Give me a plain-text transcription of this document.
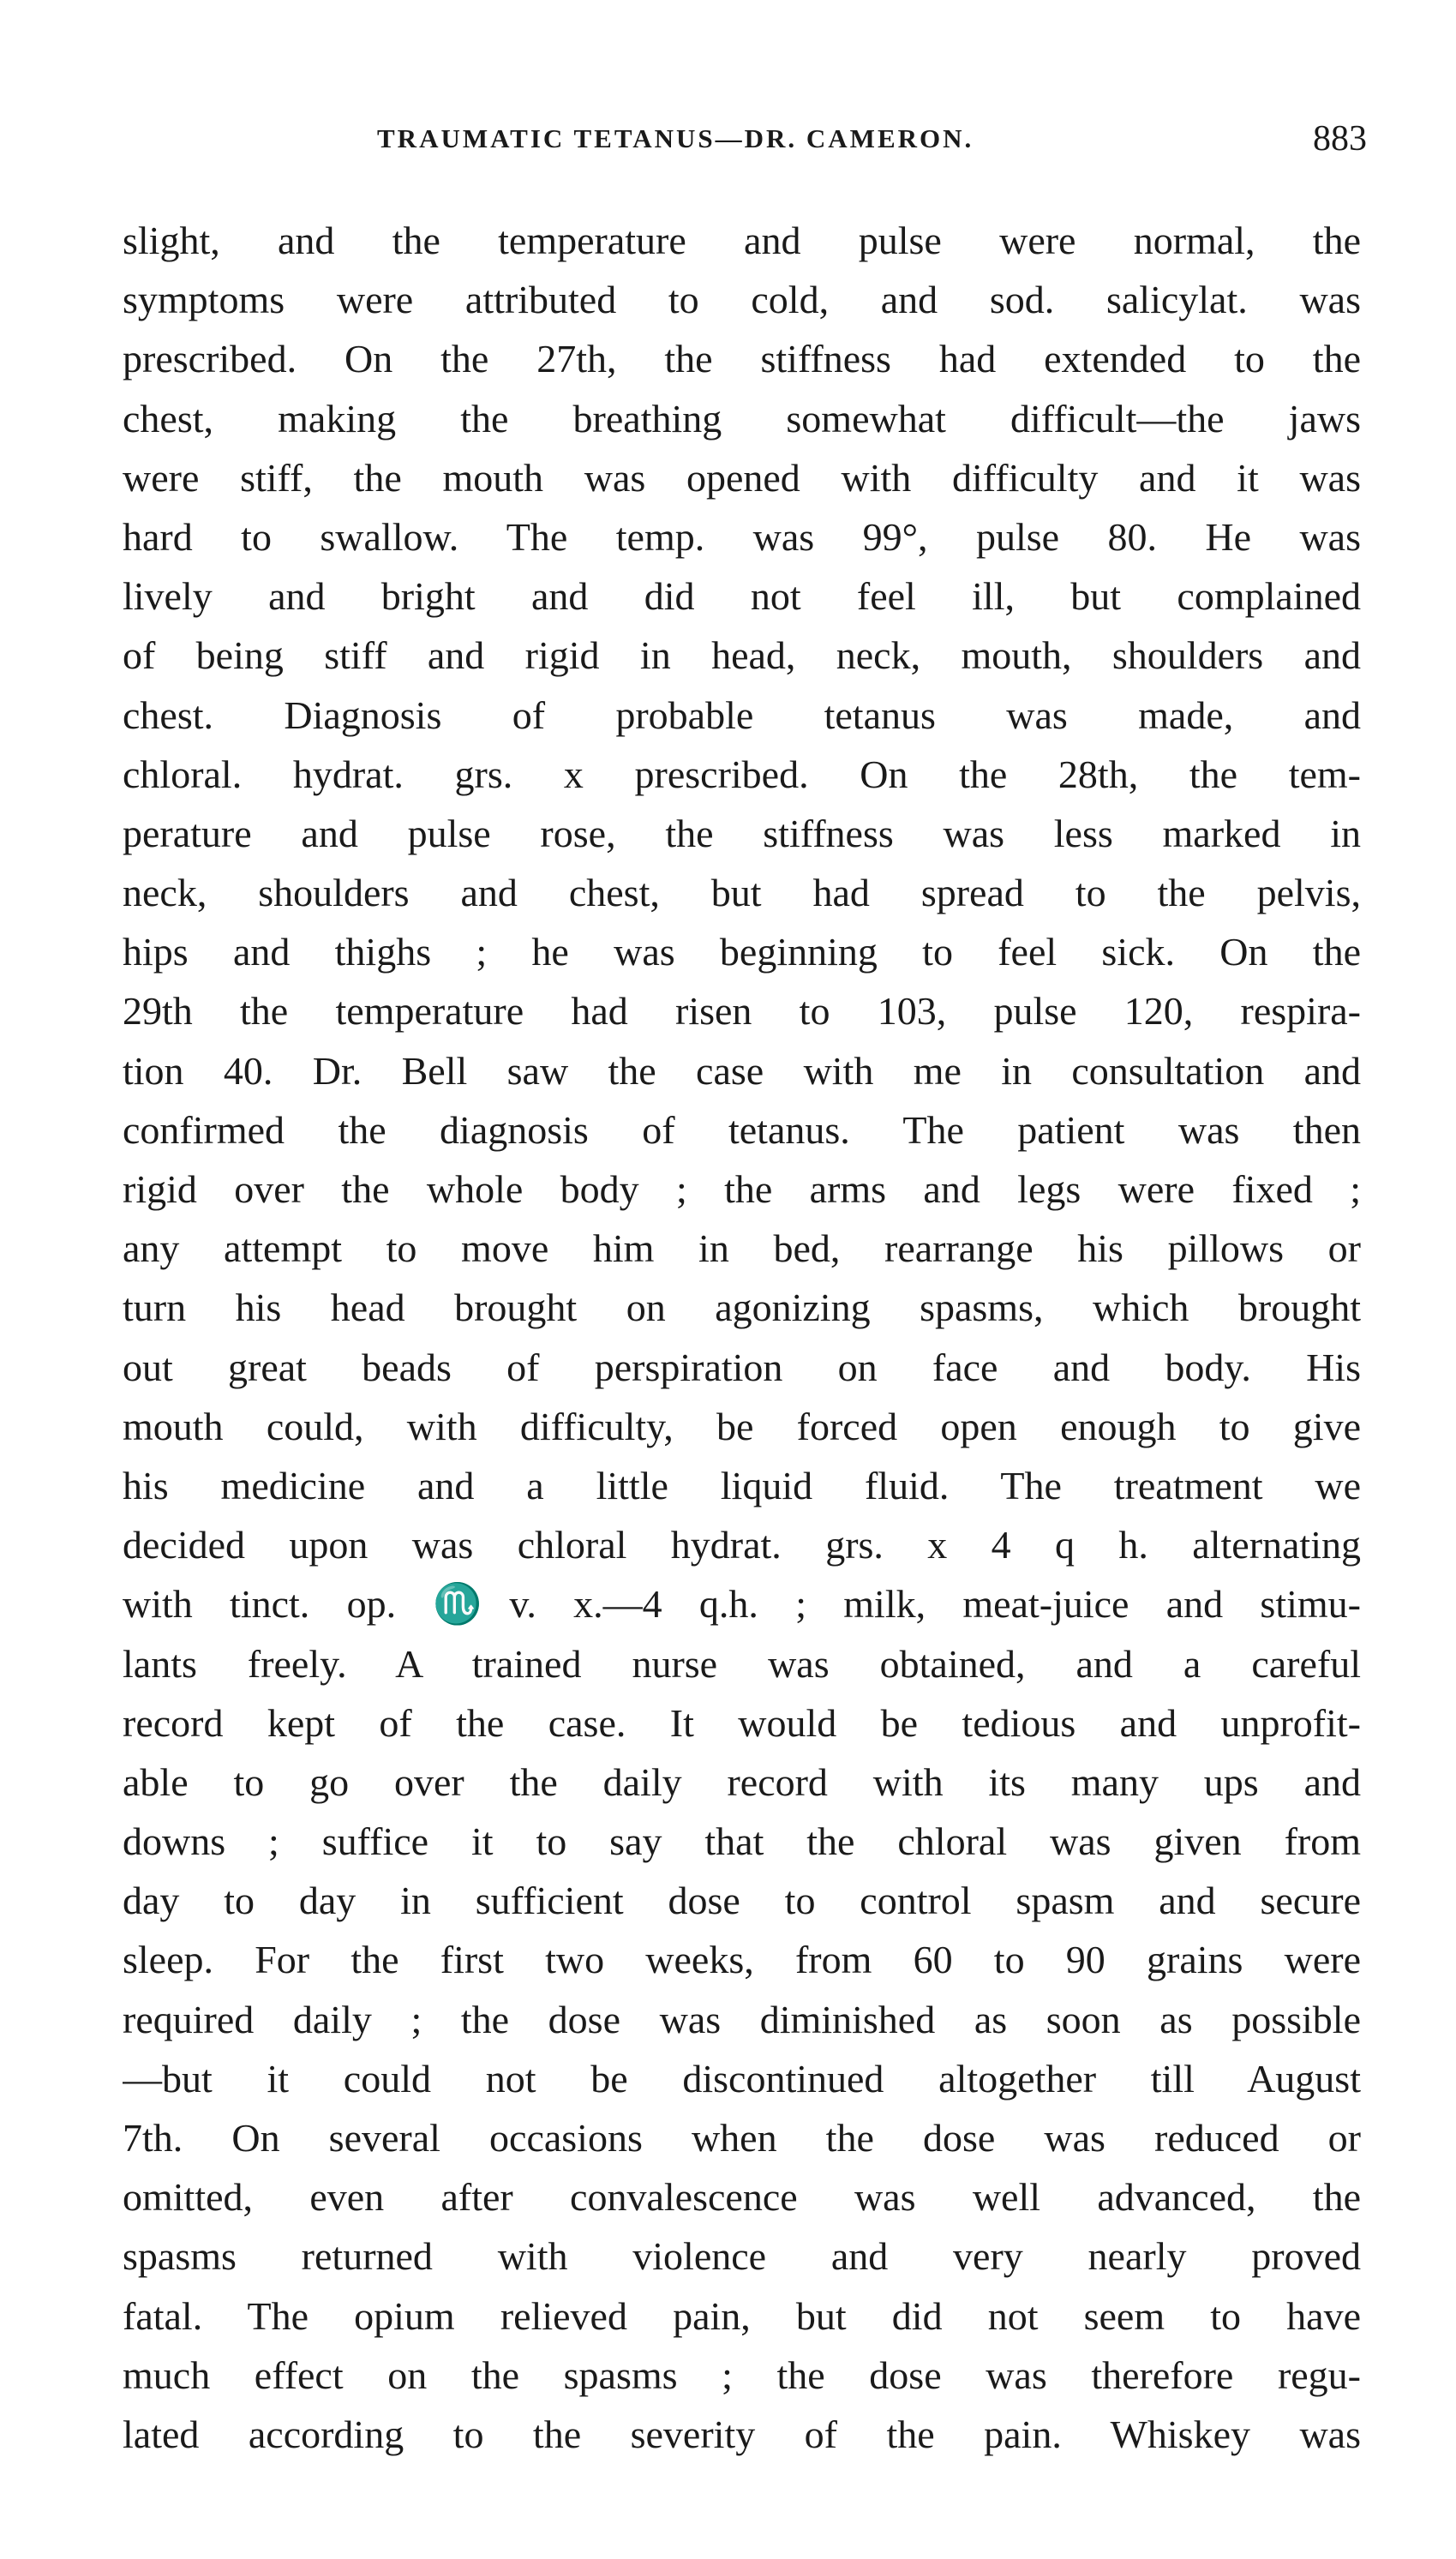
TRAUMATIC TETANUS—DR. CAMERON.	883
slight, and the temperature and pulse were normal, the
symptoms were attributed to cold, and sod. salicylat. was
prescribed. On the 27th, the stiffness had extended to the
chest, making the breathing somewhat difficult—the jaws
were stiff, the mouth was opened with difficulty and it was
hard to swallow. The temp. was 99°, pulse 80. He was
lively and bright and did not feel ill, but complained
of being stiff and rigid in head, neck, mouth, shoulders and
chest. Diagnosis of probable tetanus was made, and
chloral. hydrat. grs. x prescribed. On the 28th, the tem-
perature and pulse rose, the stiffness was less marked in
neck, shoulders and chest, but had spread to the pelvis,
hips and thighs ; he was beginning to feel sick. On the
29th the temperature had risen to 103, pulse 120, respira-
tion 40. Dr. Bell saw the case with me in consultation and
confirmed the diagnosis of tetanus. The patient was then
rigid over the whole body ; the arms and legs were fixed ;
any attempt to move him in bed, rearrange his pillows or
turn his head brought on agonizing spasms, which brought
out great beads of perspiration on face and body. His
mouth could, with difficulty, be forced open enough to give
his medicine and a little liquid fluid. The treatment we
decided upon was chloral hydrat. grs. x 4 q h. alternating
with tinct. op. ♏v. x.—4 q.h. ; milk, meat-juice and stimu-
lants freely. A trained nurse was obtained, and a careful
record kept of the case. It would be tedious and unprofit-
able to go over the daily record with its many ups and
downs ; suffice it to say that the chloral was given from
day to day in sufficient dose to control spasm and secure
sleep. For the first two weeks, from 60 to 90 grains were
required daily ; the dose was diminished as soon as possible
—but it could not be discontinued altogether till August
7th. On several occasions when the dose was reduced or
omitted, even after convalescence was well advanced, the
spasms returned with violence and very nearly proved
fatal. The opium relieved pain, but did not seem to have
much effect on the spasms ; the dose was therefore regu-
lated according to the severity of the pain. Whiskey was
